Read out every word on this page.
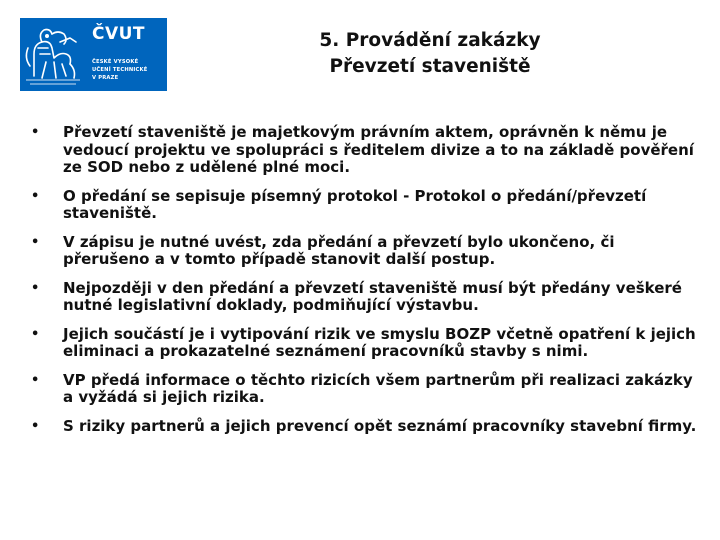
ČVUT
ČESKÉ VYSOKÉ
UČENÍ TECHNICKÉ
V PRAZE
5. Provádění zakázky
Převzetí staveniště
• Převzetí staveniště je majetkovým právním aktem, oprávněn k němu je vedoucí projektu ve spolupráci s ředitelem divize a to na základě pověření ze SOD nebo z udělené plné moci.
• O předání se sepisuje písemný protokol - Protokol o předání/převzetí staveniště.
• V zápisu je nutné uvést, zda předání a převzetí bylo ukončeno, či přerušeno a v tomto případě stanovit další postup.
• Nejpozději v den předání a převzetí staveniště musí být předány veškeré nutné legislativní doklady, podmiňující výstavbu.
• Jejich součástí je i vytipování rizik ve smyslu BOZP včetně opatření k jejich eliminaci a prokazatelné seznámení pracovníků stavby s nimi.
• VP předá informace o těchto rizicích všem partnerům při realizaci zakázky a vyžádá si jejich rizika.
• S riziky partnerů a jejich prevencí opět seznámí pracovníky stavební firmy.
